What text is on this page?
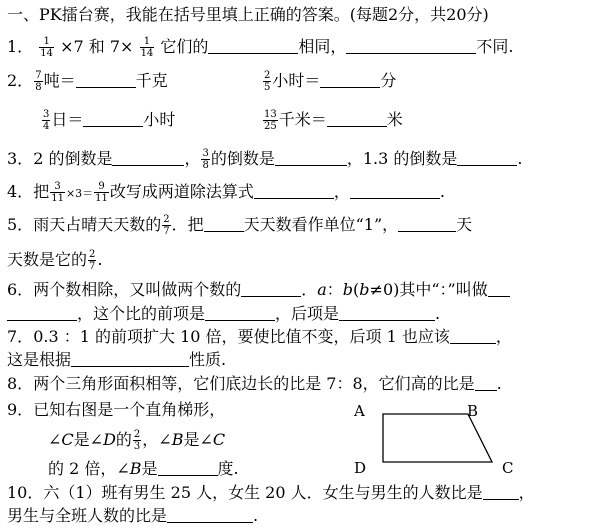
一、PK擂台赛，我能在括号里填上正确的答案。(每题2分，共20分)
1． $\frac{1}{14} \times 7$ 和 $7\times \frac{1}{14}$ 它们的	相同，	不同.
2． $\frac{7}{8}$ 吨＝	千克	$\frac{2}{5}$ 小时＝	分
$\frac{3}{4}$ 日＝	小时	$\frac{13}{25}$ 千米＝	米
3．2 的倒数是	， $\frac{3}{8}$ 的倒数是	，1.3 的倒数是	.
4．把 $\frac{3}{11} \times 3= \frac{9}{11}$ 改写成两道除法算式	，	.
5．雨天占晴天天数的 $\frac{2}{7}$ ．把	天天数看作单位“1”，	天
天数是它的 $\frac{2}{7}$ .
6．两个数相除，又叫做两个数的	．a：b(b≠0)其中“：”叫做
，这个比的前项是	，后项是	.
7．0.3 ：1 的前项扩大 10 倍，要使比值不变，后项 1 也应该	，
这是根据	性质.
8．两个三角形面积相等，它们底边长的比是 7：8，它们高的比是 .
9．已知右图是一个直角梯形，
∠C是∠D的 $\frac{2}{3}$ ，∠B是∠C
的 2 倍，∠B是	度.
A	B
D	C
10．六（1）班有男生 25 人，女生 20 人．女生与男生的人数比是 ，
男生与全班人数的比是	.
